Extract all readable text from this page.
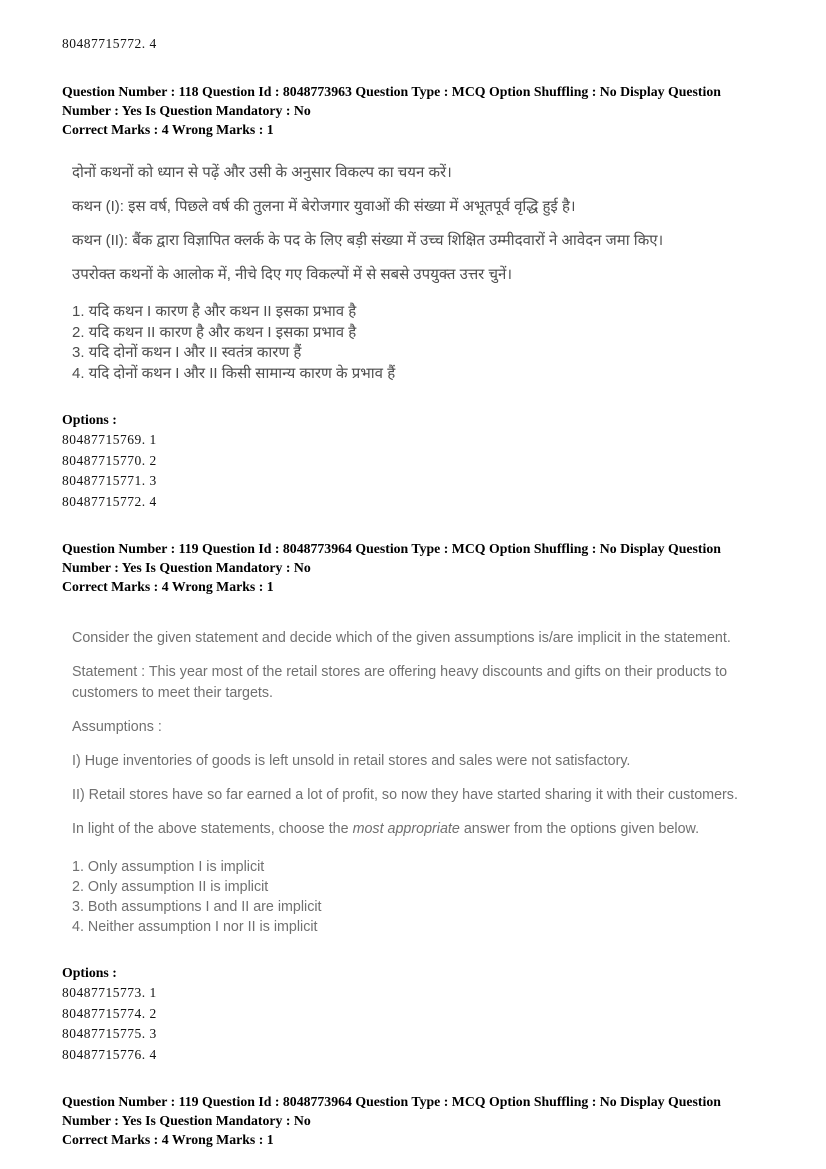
80487715772. 4
Question Number : 118 Question Id : 8048773963 Question Type : MCQ Option Shuffling : No Display Question Number : Yes Is Question Mandatory : No
Correct Marks : 4 Wrong Marks : 1

दोनों कथनों को ध्यान से पढ़ें और उसी के अनुसार विकल्प का चयन करें।

कथन (I): इस वर्ष, पिछले वर्ष की तुलना में बेरोजगार युवाओं की संख्या में अभूतपूर्व वृद्धि हुई है।

कथन (II): बैंक द्वारा विज्ञापित क्लर्क के पद के लिए बड़ी संख्या में उच्च शिक्षित उम्मीदवारों ने आवेदन जमा किए।

उपरोक्त कथनों के आलोक में, नीचे दिए गए विकल्पों में से सबसे उपयुक्त उत्तर चुनें।

1. यदि कथन I कारण है और कथन II इसका प्रभाव है
2. यदि कथन II कारण है और कथन I इसका प्रभाव है
3. यदि दोनों कथन I और II स्वतंत्र कारण हैं
4. यदि दोनों कथन I और II किसी सामान्य कारण के प्रभाव हैं
Options :
80487715769. 1
80487715770. 2
80487715771. 3
80487715772. 4
Question Number : 119 Question Id : 8048773964 Question Type : MCQ Option Shuffling : No Display Question Number : Yes Is Question Mandatory : No
Correct Marks : 4 Wrong Marks : 1

Consider the given statement and decide which of the given assumptions is/are implicit in the statement.

Statement : This year most of the retail stores are offering heavy discounts and gifts on their products to customers to meet their targets.

Assumptions :

I) Huge inventories of goods is left unsold in retail stores and sales were not satisfactory.

II) Retail stores have so far earned a lot of profit, so now they have started sharing it with their customers.

In light of the above statements, choose the most appropriate answer from the options given below.

1. Only assumption I is implicit
2. Only assumption II is implicit
3. Both assumptions I and II are implicit
4. Neither assumption I nor II is implicit
Options :
80487715773. 1
80487715774. 2
80487715775. 3
80487715776. 4
Question Number : 119 Question Id : 8048773964 Question Type : MCQ Option Shuffling : No Display Question Number : Yes Is Question Mandatory : No
Correct Marks : 4 Wrong Marks : 1
